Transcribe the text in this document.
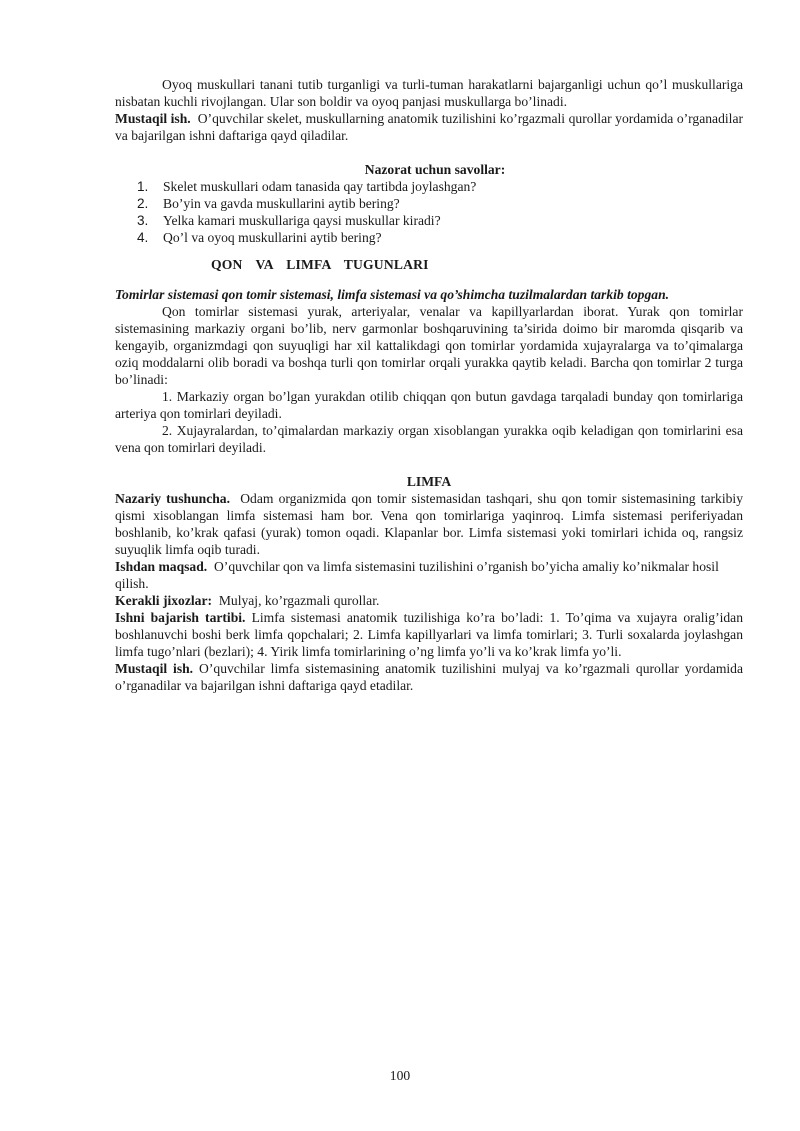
Oyoq muskullari tanani tutib turganligi va turli-tuman harakatlarni bajarganligi uchun qo’l muskullariga nisbatan kuchli rivojlangan. Ular son boldir va oyoq panjasi muskullarga bo’linadi.

Mustaqil ish. O’quvchilar skelet, muskullarning anatomik tuzilishini ko’rgazmali qurollar yordamida o’rganadilar va bajarilgan ishni daftariga qayd qiladilar.

Nazorat uchun savollar:

1.	Skelet muskullari odam tanasida qay tartibda joylashgan?
2.	Bo’yin va gavda muskullarini aytib bering?
3.	Yelka kamari muskullariga qaysi muskullar kiradi?
4.	Qo’l va oyoq muskullarini aytib bering?

QON  VA  LIMFA  TUGUNLARI

Tomirlar sistemasi qon tomir sistemasi, limfa sistemasi va qo’shimcha tuzilmalardan tarkib topgan.

Qon tomirlar sistemasi yurak, arteriyalar, venalar va kapillyarlardan iborat. Yurak qon tomirlar sistemasining markaziy organi bo’lib, nerv garmonlar boshqaruvining ta’sirida doimo bir maromda qisqarib va kengayib, organizmdagi qon suyuqligi har xil kattalikdagi qon tomirlar yordamida xujayralarga va to’qimalarga oziq moddalarni olib boradi va boshqa turli qon tomirlar orqali yurakka qaytib keladi. Barcha qon tomirlar 2 turga bo’linadi:

1. Markaziy organ bo’lgan yurakdan otilib chiqqan qon butun gavdaga tarqaladi bunday qon tomirlariga arteriya qon tomirlari deyiladi.

2. Xujayralardan, to’qimalardan markaziy organ xisoblangan yurakka oqib keladigan qon tomirlarini esa vena qon tomirlari deyiladi.

LIMFA

Nazariy tushuncha. Odam organizmida qon tomir sistemasidan tashqari, shu qon tomir sistemasining tarkibiy qismi xisoblangan limfa sistemasi ham bor. Vena qon tomirlariga yaqinroq. Limfa sistemasi periferiyadan boshlanib, ko’krak qafasi (yurak) tomon oqadi. Klapanlar bor. Limfa sistemasi yoki tomirlari ichida oq, rangsiz suyuqlik limfa oqib turadi.

Ishdan maqsad. O’quvchilar qon va limfa sistemasini tuzilishini o’rganish bo’yicha amaliy ko’nikmalar hosil qilish.

Kerakli jixozlar: Mulyaj, ko’rgazmali qurollar.

Ishni bajarish tartibi. Limfa sistemasi anatomik tuzilishiga ko’ra bo’ladi: 1. To’qima va xujayra oralig’idan boshlanuvchi boshi berk limfa qopchalari; 2. Limfa kapillyarlari va limfa tomirlari; 3. Turli soxalarda joylashgan limfa tugo’nlari (bezlari); 4. Yirik limfa tomirlarining o’ng limfa yo’li va ko’krak limfa yo’li.

Mustaqil ish. O’quvchilar limfa sistemasining anatomik tuzilishini mulyaj va ko’rgazmali qurollar yordamida o’rganadilar va bajarilgan ishni daftariga qayd etadilar.

100
